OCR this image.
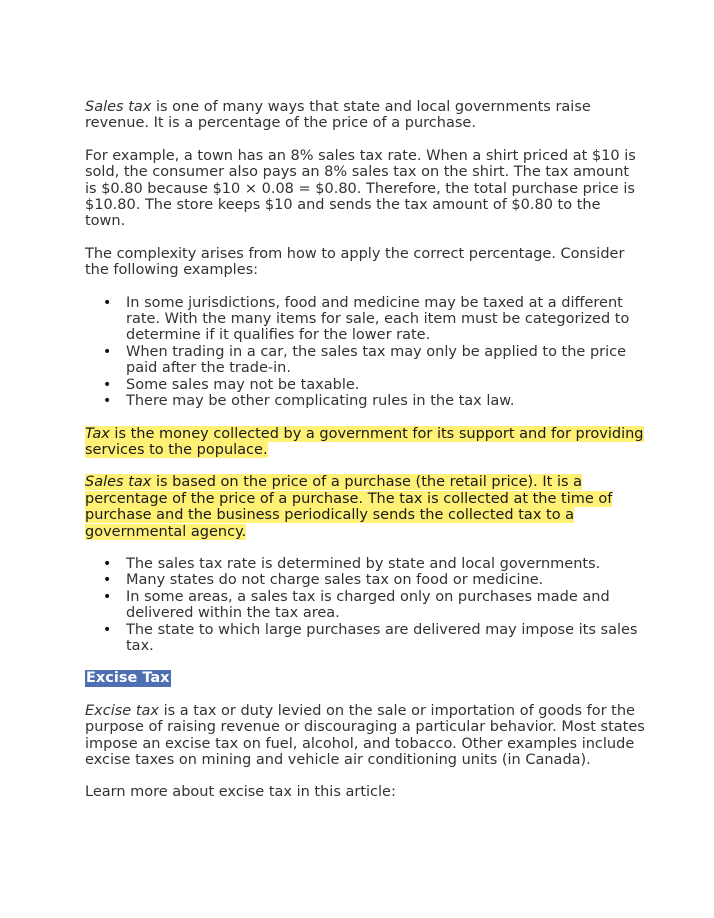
Sales tax is one of many ways that state and local governments raise revenue. It is a percentage of the price of a purchase.

For example, a town has an 8% sales tax rate. When a shirt priced at $10 is sold, the consumer also pays an 8% sales tax on the shirt. The tax amount is $0.80 because $10 × 0.08 = $0.80. Therefore, the total purchase price is $10.80. The store keeps $10 and sends the tax amount of $0.80 to the town.

The complexity arises from how to apply the correct percentage. Consider the following examples:

• In some jurisdictions, food and medicine may be taxed at a different rate. With the many items for sale, each item must be categorized to determine if it qualifies for the lower rate.
• When trading in a car, the sales tax may only be applied to the price paid after the trade-in.
• Some sales may not be taxable.
• There may be other complicating rules in the tax law.

Tax is the money collected by a government for its support and for providing services to the populace.

Sales tax is based on the price of a purchase (the retail price). It is a percentage of the price of a purchase. The tax is collected at the time of purchase and the business periodically sends the collected tax to a governmental agency.

• The sales tax rate is determined by state and local governments.
• Many states do not charge sales tax on food or medicine.
• In some areas, a sales tax is charged only on purchases made and delivered within the tax area.
• The state to which large purchases are delivered may impose its sales tax.

Excise Tax

Excise tax is a tax or duty levied on the sale or importation of goods for the purpose of raising revenue or discouraging a particular behavior. Most states impose an excise tax on fuel, alcohol, and tobacco. Other examples include excise taxes on mining and vehicle air conditioning units (in Canada).

Learn more about excise tax in this article:
